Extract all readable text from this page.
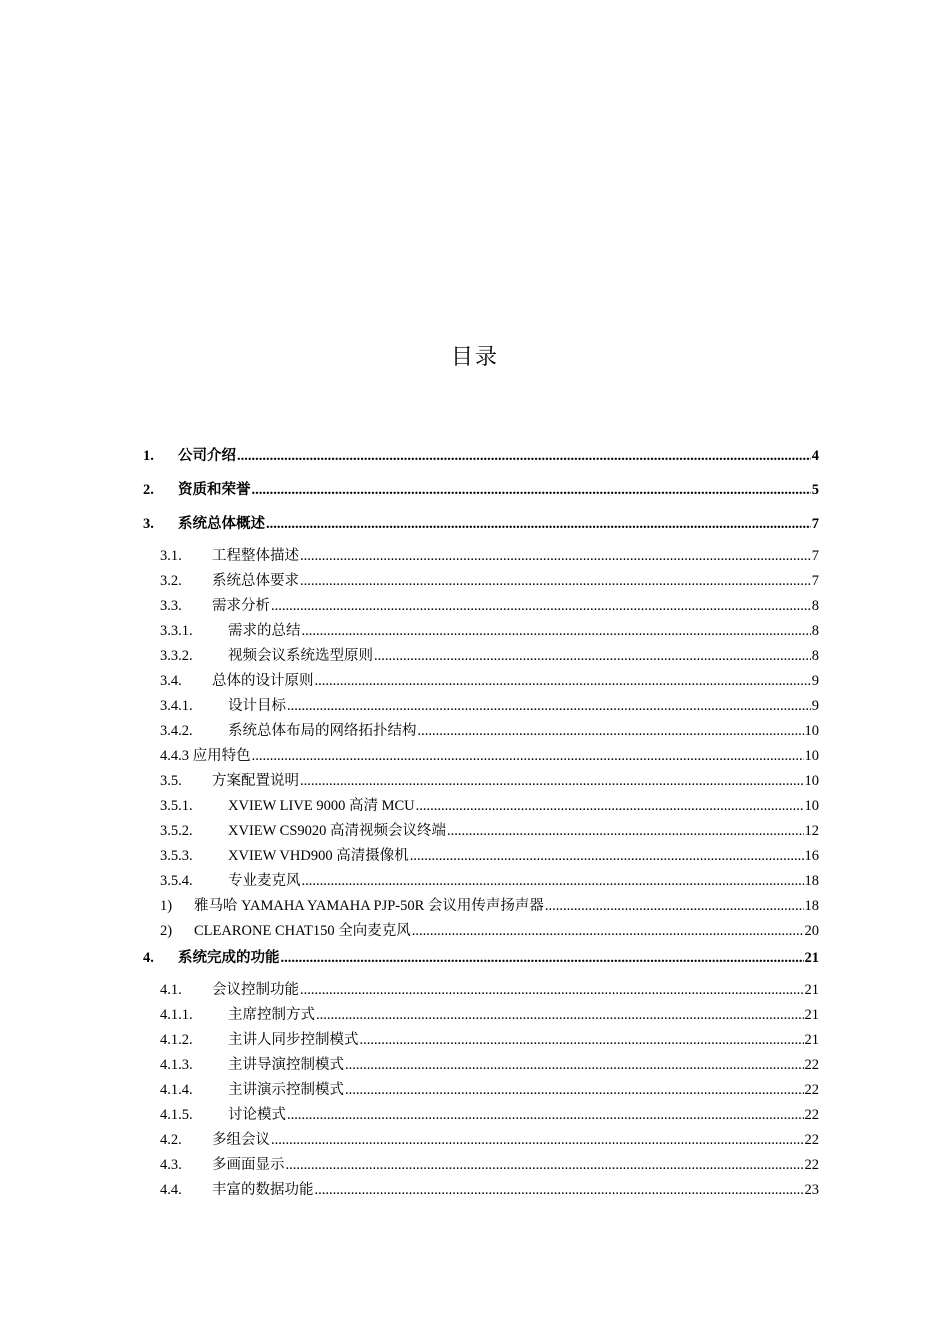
目录
1.	公司介绍 .....	4
2.	资质和荣誉 .....	5
3.	系统总体概述 .....	7
3.1.	工程整体描述 .....	7
3.2.	系统总体要求 .....	7
3.3.	需求分析 .....	8
3.3.1.	需求的总结 .....	8
3.3.2.	视频会议系统选型原则 .....	8
3.4.	总体的设计原则 .....	9
3.4.1.	设计目标 .....	9
3.4.2.	系统总体布局的网络拓扑结构 .....	10
4.4.3 应用特色 .....	10
3.5.	方案配置说明 .....	10
3.5.1.	XVIEW LIVE 9000 高清 MCU .....	10
3.5.2.	XVIEW CS9020 高清视频会议终端 .....	12
3.5.3.	XVIEW VHD900 高清摄像机 .....	16
3.5.4.	专业麦克风 .....	18
1)	雅马哈 YAMAHA YAMAHA PJP-50R 会议用传声扬声器 .....	18
2)	CLEARONE CHAT150 全向麦克风 .....	20
4.	系统完成的功能 .....	21
4.1.	会议控制功能 .....	21
4.1.1.	主席控制方式 .....	21
4.1.2.	主讲人同步控制模式 .....	21
4.1.3.	主讲导演控制模式 .....	22
4.1.4.	主讲演示控制模式 .....	22
4.1.5.	讨论模式 .....	22
4.2.	多组会议 .....	22
4.3.	多画面显示 .....	22
4.4.	丰富的数据功能 .....	23
